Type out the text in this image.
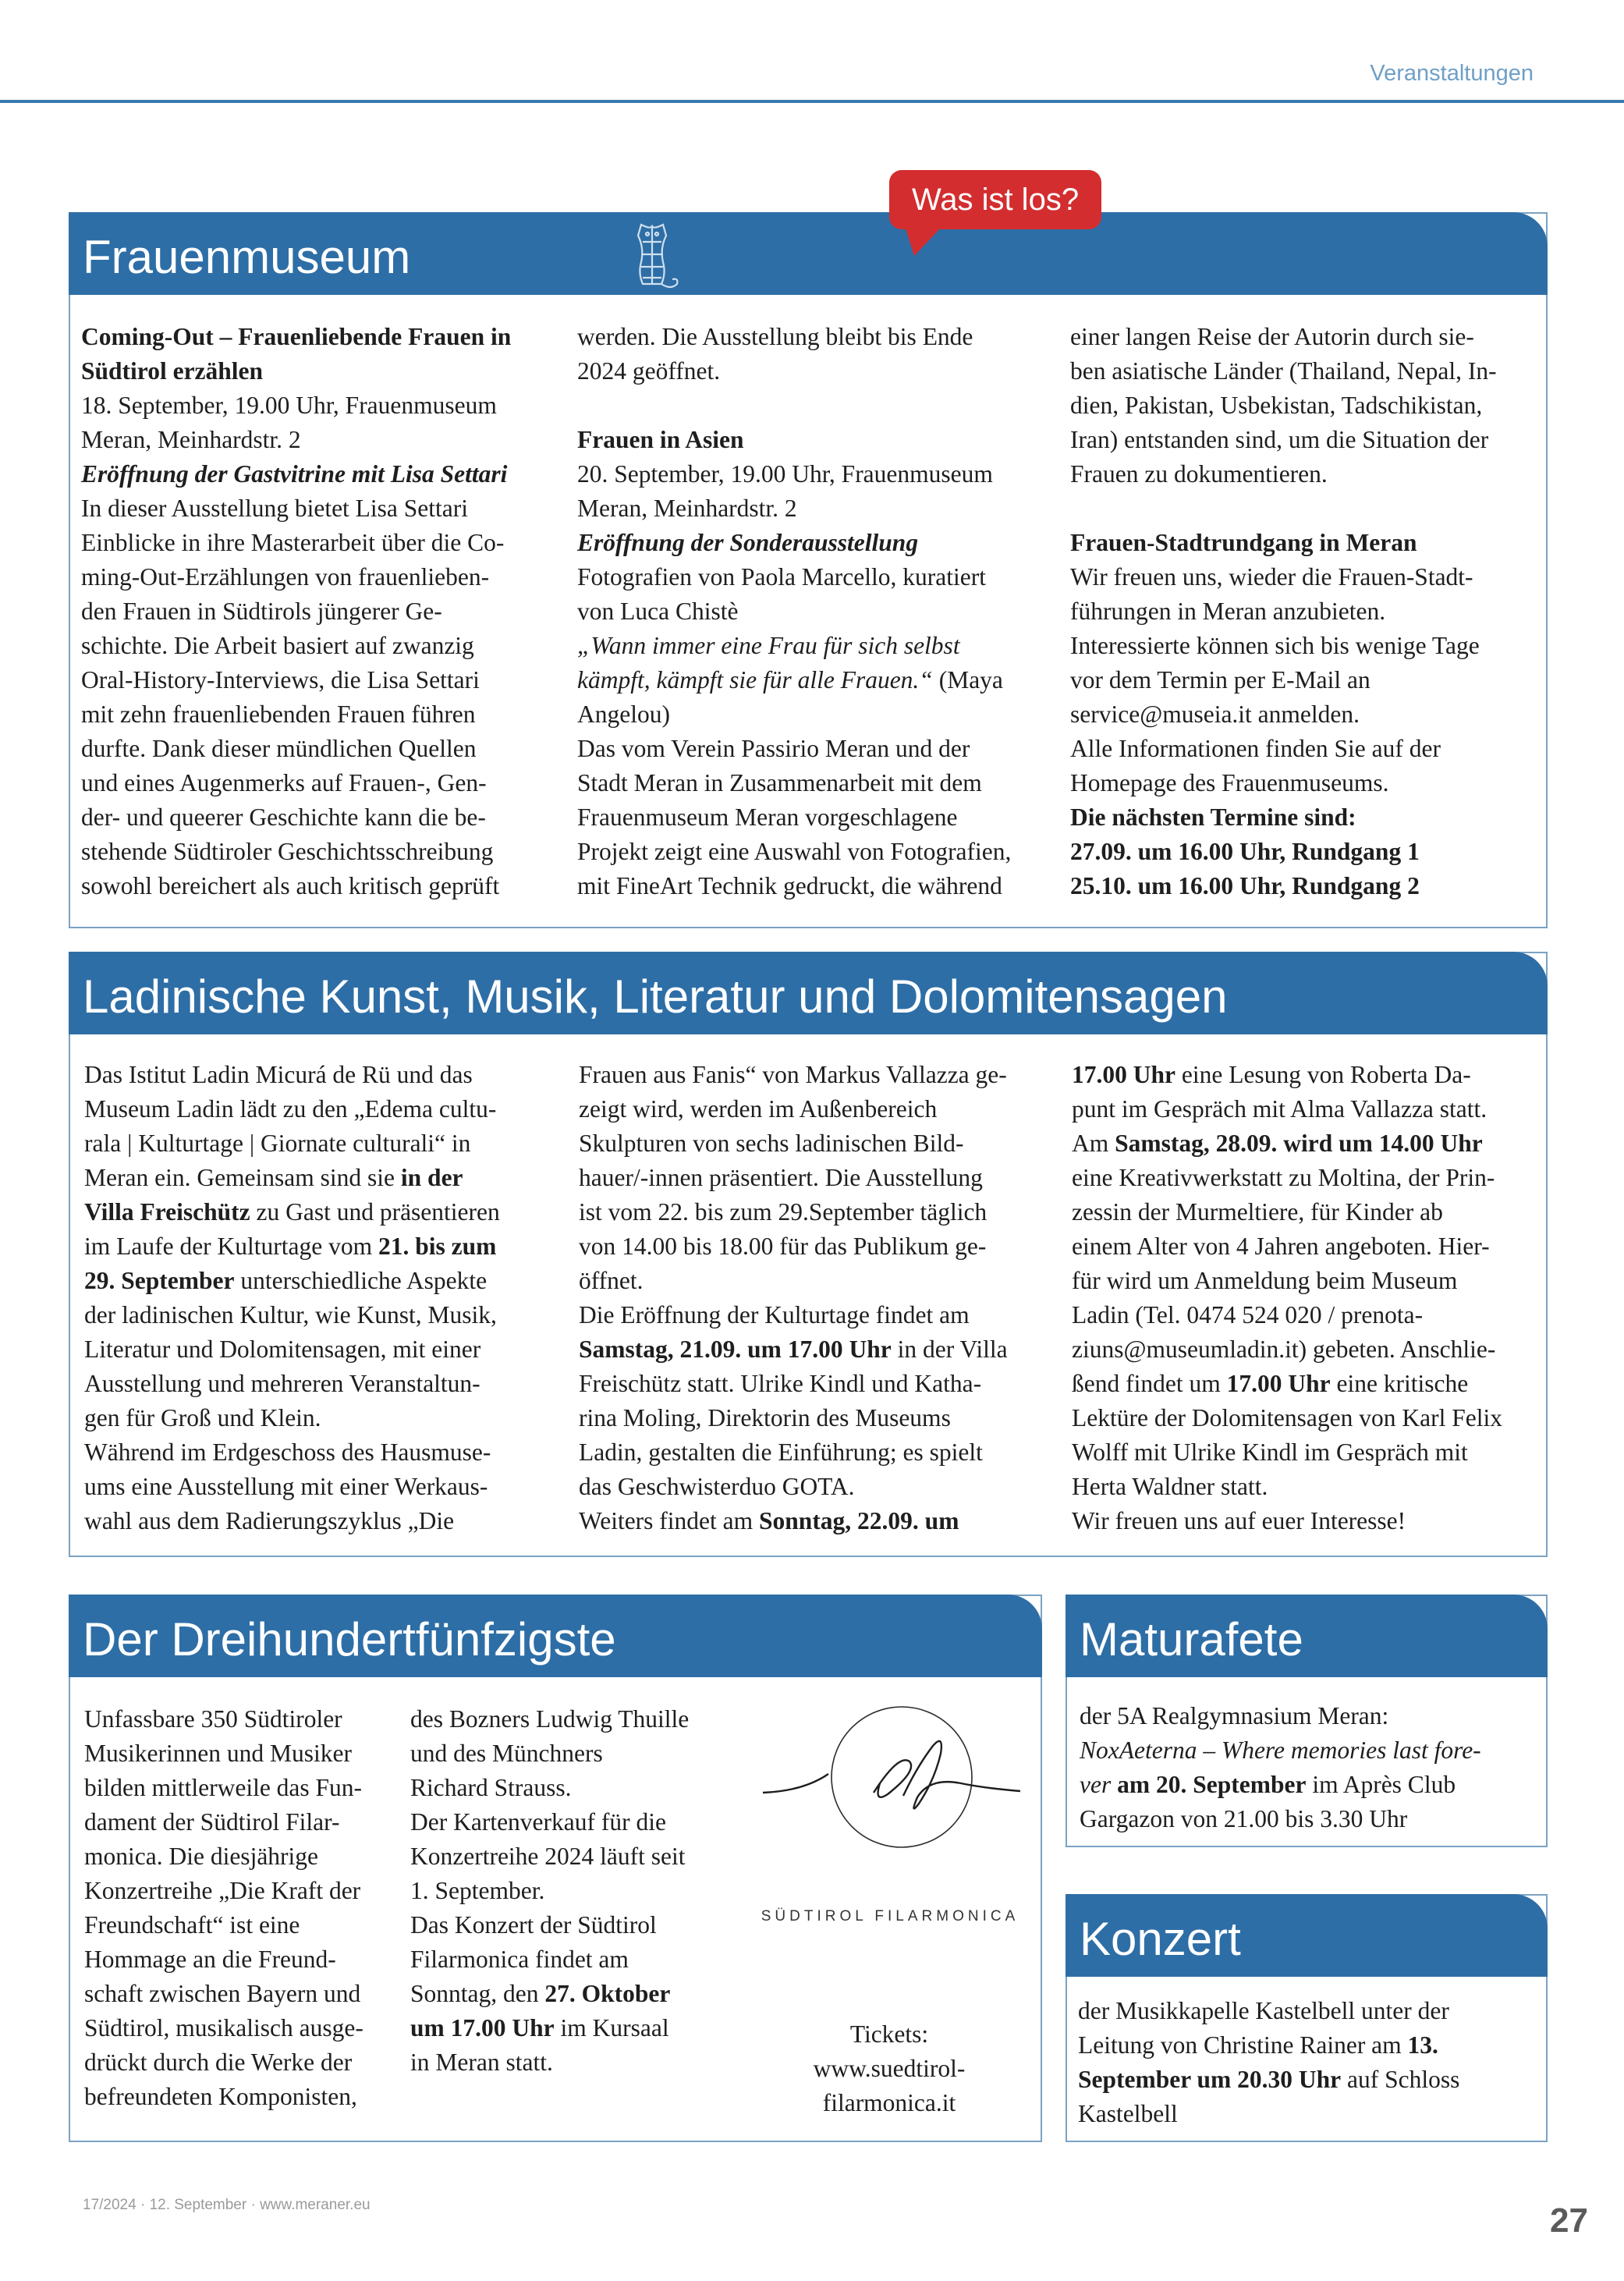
Veranstaltungen
Frauenmuseum

Coming-Out – Frauenliebende Frauen in

Südtirol erzählen

18. September, 19.00 Uhr, Frauenmuseum

Meran, Meinhardstr. 2

Eröffnung der Gastvitrine mit Lisa Settari

In dieser Ausstellung bietet Lisa Settari

Einblicke in ihre Masterarbeit über die Co-

ming-Out-Erzählungen von frauenlieben-

den Frauen in Südtirols jüngerer Ge-

schichte. Die Arbeit basiert auf zwanzig

Oral-History-Interviews, die Lisa Settari

mit zehn frauenliebenden Frauen führen

durfte. Dank dieser mündlichen Quellen

und eines Augenmerks auf Frauen-, Gen-

der- und queerer Geschichte kann die be-

stehende Südtiroler Geschichtsschreibung

sowohl bereichert als auch kritisch geprüft

werden. Die Ausstellung bleibt bis Ende

2024 geöffnet.

Frauen in Asien

20. September, 19.00 Uhr, Frauenmuseum

Meran, Meinhardstr. 2

Eröffnung der Sonderausstellung

Fotografien von Paola Marcello, kuratiert

von Luca Chistè

„Wann immer eine Frau für sich selbst

kämpft, kämpft sie für alle Frauen.“ (Maya

Angelou)

Das vom Verein Passirio Meran und der

Stadt Meran in Zusammenarbeit mit dem

Frauenmuseum Meran vorgeschlagene

Projekt zeigt eine Auswahl von Fotografien,

mit FineArt Technik gedruckt, die während

einer langen Reise der Autorin durch sie-

ben asiatische Länder (Thailand, Nepal, In-

dien, Pakistan, Usbekistan, Tadschikistan,

Iran) entstanden sind, um die Situation der

Frauen zu dokumentieren.

Frauen-Stadtrundgang in Meran

Wir freuen uns, wieder die Frauen-Stadt-

führungen in Meran anzubieten.

Interessierte können sich bis wenige Tage

vor dem Termin per E-Mail an

service@museia.it anmelden.

Alle Informationen finden Sie auf der

Homepage des Frauenmuseums.

Die nächsten Termine sind:

27.09. um 16.00 Uhr, Rundgang 1

25.10. um 16.00 Uhr, Rundgang 2

Was ist los?
Ladinische Kunst, Musik, Literatur und Dolomitensagen

Das Istitut Ladin Micurá de Rü und das

Museum Ladin lädt zu den „Edema cultu-

rala | Kulturtage | Giornate culturali“ in

Meran ein. Gemeinsam sind sie in der

Villa Freischütz zu Gast und präsentieren

im Laufe der Kulturtage vom 21. bis zum

29. September unterschiedliche Aspekte

der ladinischen Kultur, wie Kunst, Musik,

Literatur und Dolomitensagen, mit einer

Ausstellung und mehreren Veranstaltun-

gen für Groß und Klein.

Während im Erdgeschoss des Hausmuse-

ums eine Ausstellung mit einer Werkaus-

wahl aus dem Radierungszyklus „Die

Frauen aus Fanis“ von Markus Vallazza ge-

zeigt wird, werden im Außenbereich

Skulpturen von sechs ladinischen Bild-

hauer/-innen präsentiert. Die Ausstellung

ist vom 22. bis zum 29.September täglich

von 14.00 bis 18.00 für das Publikum ge-

öffnet.

Die Eröffnung der Kulturtage findet am

Samstag, 21.09. um 17.00 Uhr in der Villa

Freischütz statt. Ulrike Kindl und Katha-

rina Moling, Direktorin des Museums

Ladin, gestalten die Einführung; es spielt

das Geschwisterduo GOTA.

Weiters findet am Sonntag, 22.09. um

17.00 Uhr eine Lesung von Roberta Da-

punt im Gespräch mit Alma Vallazza statt.

Am Samstag, 28.09. wird um 14.00 Uhr

eine Kreativwerkstatt zu Moltina, der Prin-

zessin der Murmeltiere, für Kinder ab

einem Alter von 4 Jahren angeboten. Hier-

für wird um Anmeldung beim Museum

Ladin (Tel. 0474 524 020 / prenota-

ziuns@museumladin.it) gebeten. Anschlie-

ßend findet um 17.00 Uhr eine kritische

Lektüre der Dolomitensagen von Karl Felix

Wolff mit Ulrike Kindl im Gespräch mit

Herta Waldner statt.

Wir freuen uns auf euer Interesse!

Der Dreihundertfünfzigste

Unfassbare 350 Südtiroler

Musikerinnen und Musiker

bilden mittlerweile das Fun-

dament der Südtirol Filar-

monica. Die diesjährige

Konzertreihe „Die Kraft der

Freundschaft“ ist eine

Hommage an die Freund-

schaft zwischen Bayern und

Südtirol, musikalisch ausge-

drückt durch die Werke der

befreundeten Komponisten,

des Bozners Ludwig Thuille

und des Münchners

Richard Strauss.

Der Kartenverkauf für die

Konzertreihe 2024 läuft seit

1. September.

Das Konzert der Südtirol

Filarmonica findet am

Sonntag, den 27. Oktober

um 17.00 Uhr im Kursaal

in Meran statt.

SÜDTIROL FILARMONICA

Tickets:

www.suedtirol-

filarmonica.it

Maturafete

der 5A Realgymnasium Meran:

NoxAeterna – Where memories last fore-

ver am 20. September im Après Club

Gargazon von 21.00 bis 3.30 Uhr

Konzert

der Musikkapelle Kastelbell unter der

Leitung von Christine Rainer am 13.

September um 20.30 Uhr auf Schloss

Kastelbell

17/2024 · 12. September · www.meraner.eu	27
